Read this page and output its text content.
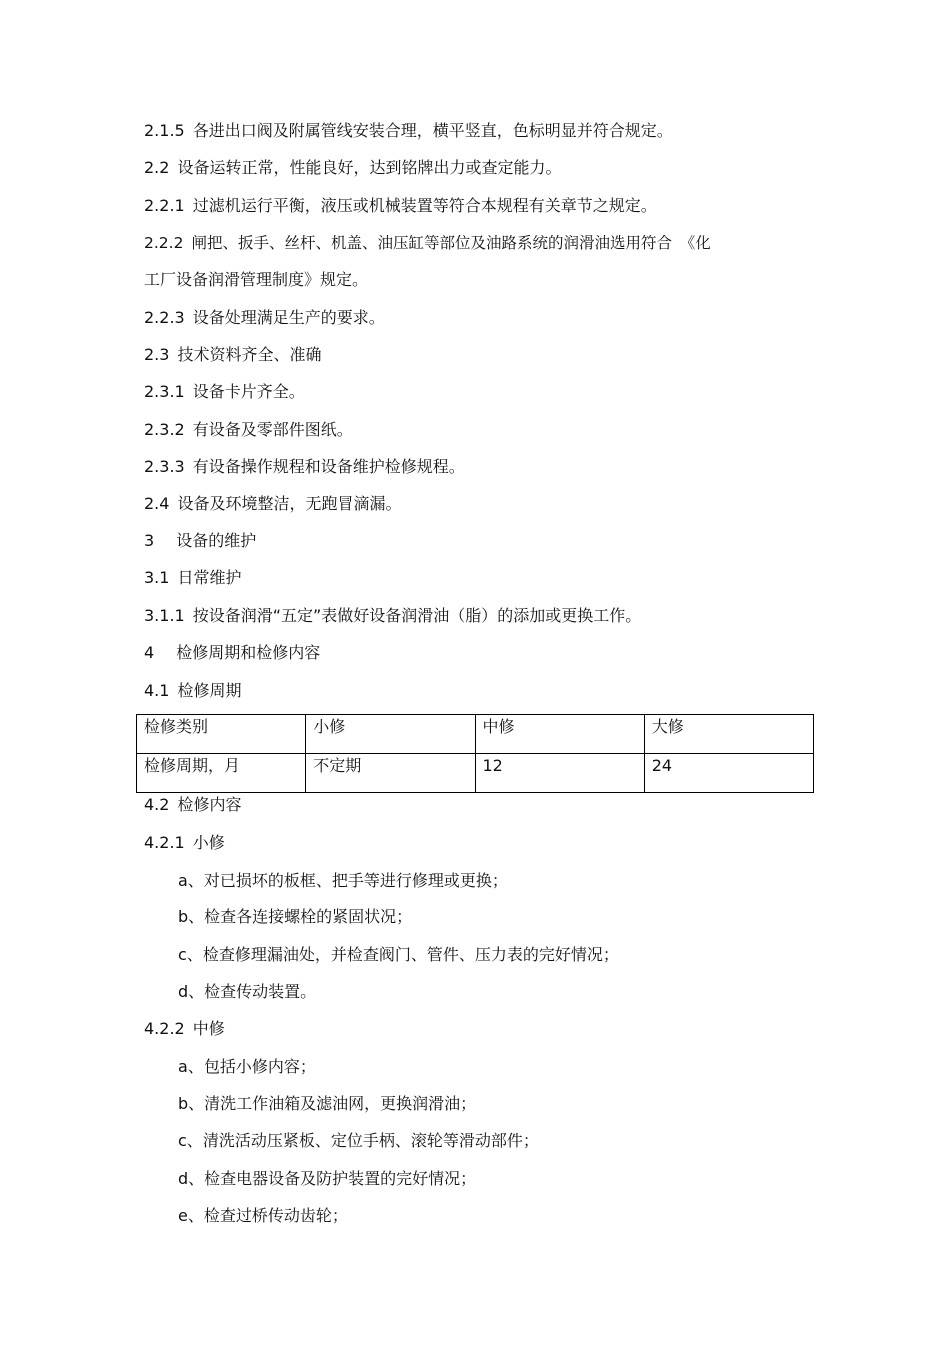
2.1.5 各进出口阀及附属管线安装合理，横平竖直，色标明显并符合规定。
2.2 设备运转正常，性能良好，达到铭牌出力或查定能力。
2.2.1 过滤机运行平衡，液压或机械装置等符合本规程有关章节之规定。
2.2.2 闸把、扳手、丝杆、机盖、油压缸等部位及油路系统的润滑油选用符合　《化
工厂设备润滑管理制度》规定。
2.2.3 设备处理满足生产的要求。
2.3 技术资料齐全、准确
2.3.1 设备卡片齐全。
2.3.2 有设备及零部件图纸。
2.3.3 有设备操作规程和设备维护检修规程。
2.4 设备及环境整洁，无跑冒滴漏。
3 设备的维护
3.1 日常维护
3.1.1 按设备润滑“五定”表做好设备润滑油（脂）的添加或更换工作。
4 检修周期和检修内容
4.1 检修周期
检修类别	小修	中修	大修
检修周期，月	不定期	12	24
4.2 检修内容
4.2.1 小修
a、对已损坏的板框、把手等进行修理或更换；
b、检查各连接螺栓的紧固状况；
c、检查修理漏油处，并检查阀门、管件、压力表的完好情况；
d、检查传动装置。
4.2.2 中修
a、包括小修内容；
b、清洗工作油箱及滤油网，更换润滑油；
c、清洗活动压紧板、定位手柄、滚轮等滑动部件；
d、检查电器设备及防护装置的完好情况；
e、检查过桥传动齿轮；
